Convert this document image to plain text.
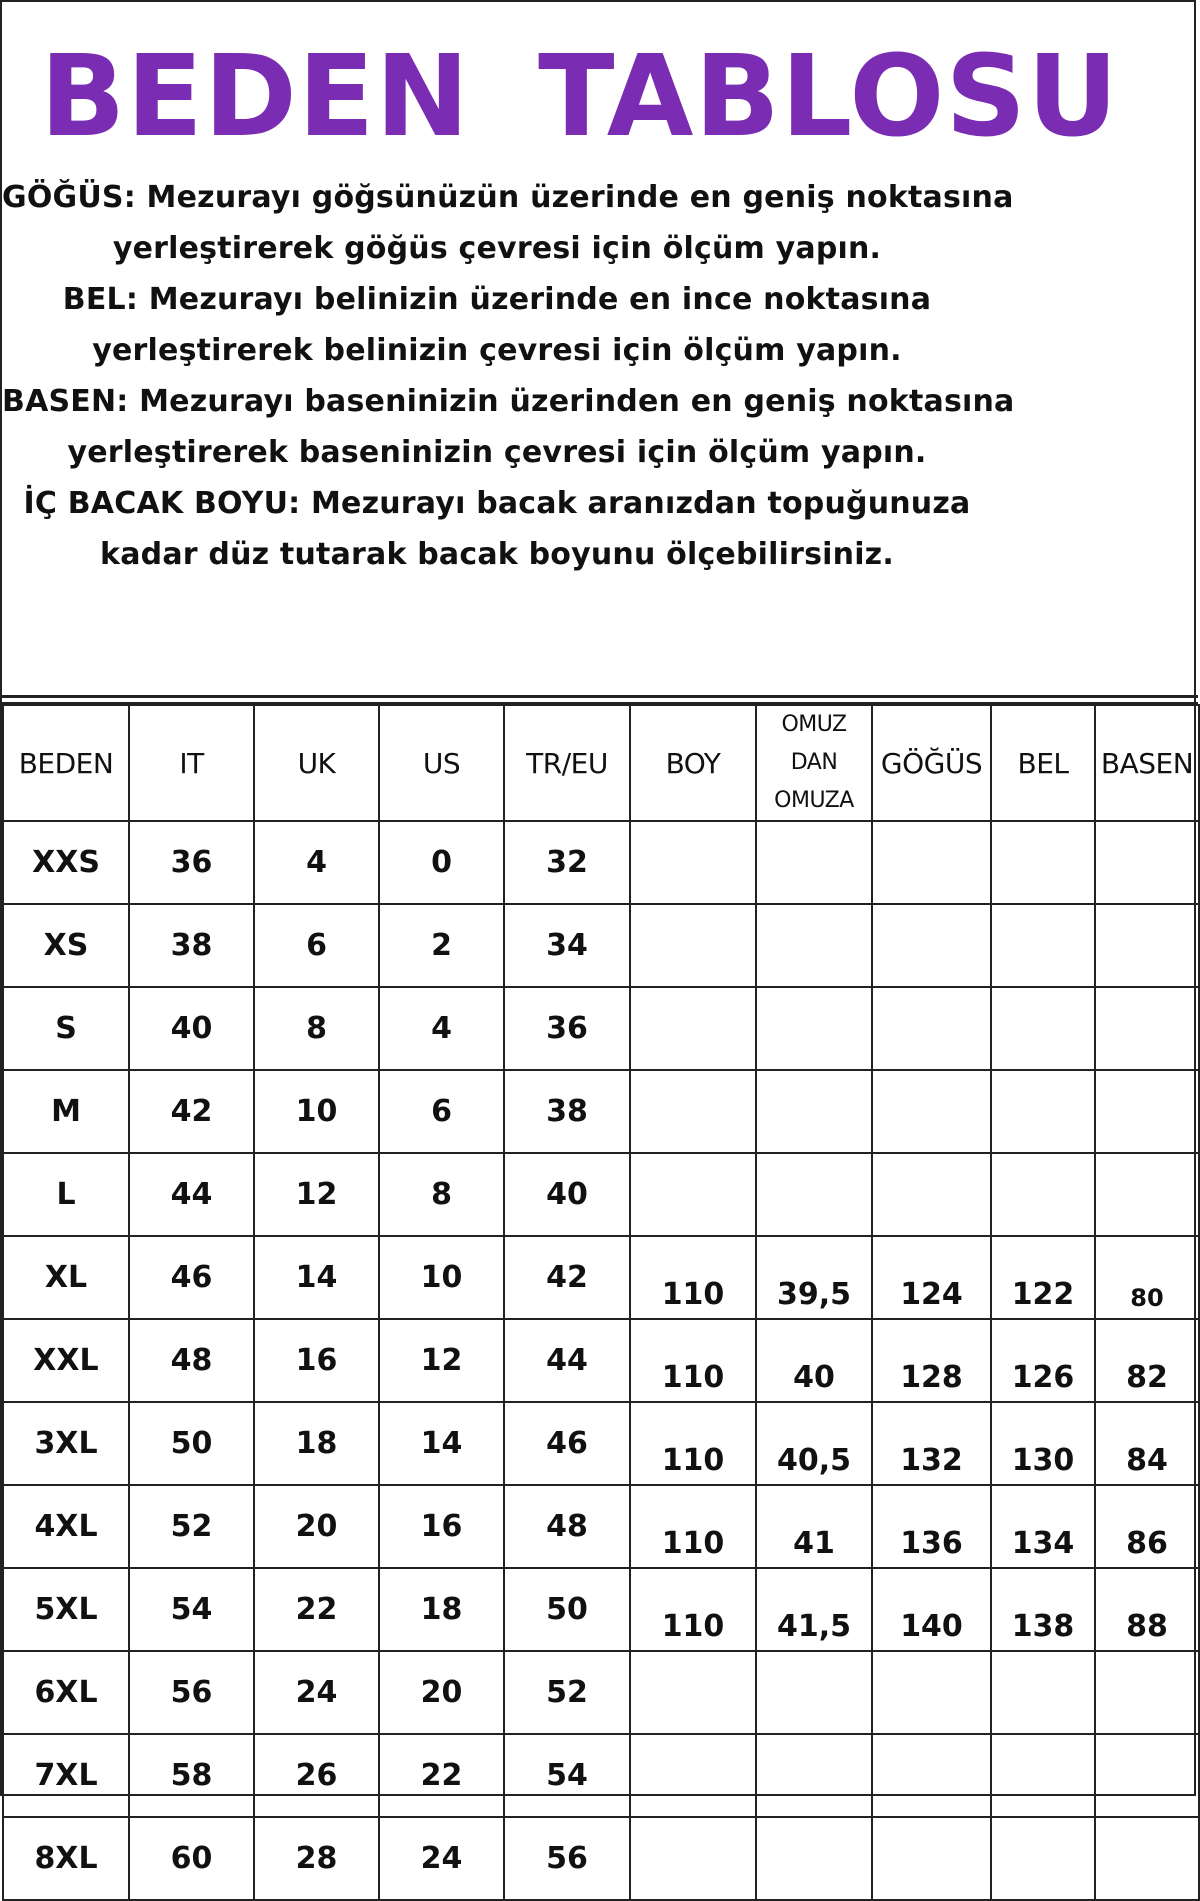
BEDEN TABLOSU
GÖĞÜS: Mezurayı göğsünüzün üzerinde en geniş noktasına
yerleştirerek göğüs çevresi için ölçüm yapın.
BEL: Mezurayı belinizin üzerinde en ince noktasına
yerleştirerek belinizin çevresi için ölçüm yapın.
BASEN: Mezurayı baseninizin üzerinden en geniş noktasına
yerleştirerek baseninizin çevresi için ölçüm yapın.
İÇ BACAK BOYU: Mezurayı bacak aranızdan topuğunuza
kadar düz tutarak bacak boyunu ölçebilirsiniz.
BEDEN	IT	UK	US	TR/EU	BOY	OMUZ
DAN
OMUZA	GÖĞÜS	BEL	BASEN
XXS	36	4	0	32					
XS	38	6	2	34					
S	40	8	4	36					
M	42	10	6	38					
L	44	12	8	40					
XL	46	14	10	42	110	39,5	124	122	80
XXL	48	16	12	44	110	40	128	126	82
3XL	50	18	14	46	110	40,5	132	130	84
4XL	52	20	16	48	110	41	136	134	86
5XL	54	22	18	50	110	41,5	140	138	88
6XL	56	24	20	52					
7XL	58	26	22	54					
8XL	60	28	24	56					
